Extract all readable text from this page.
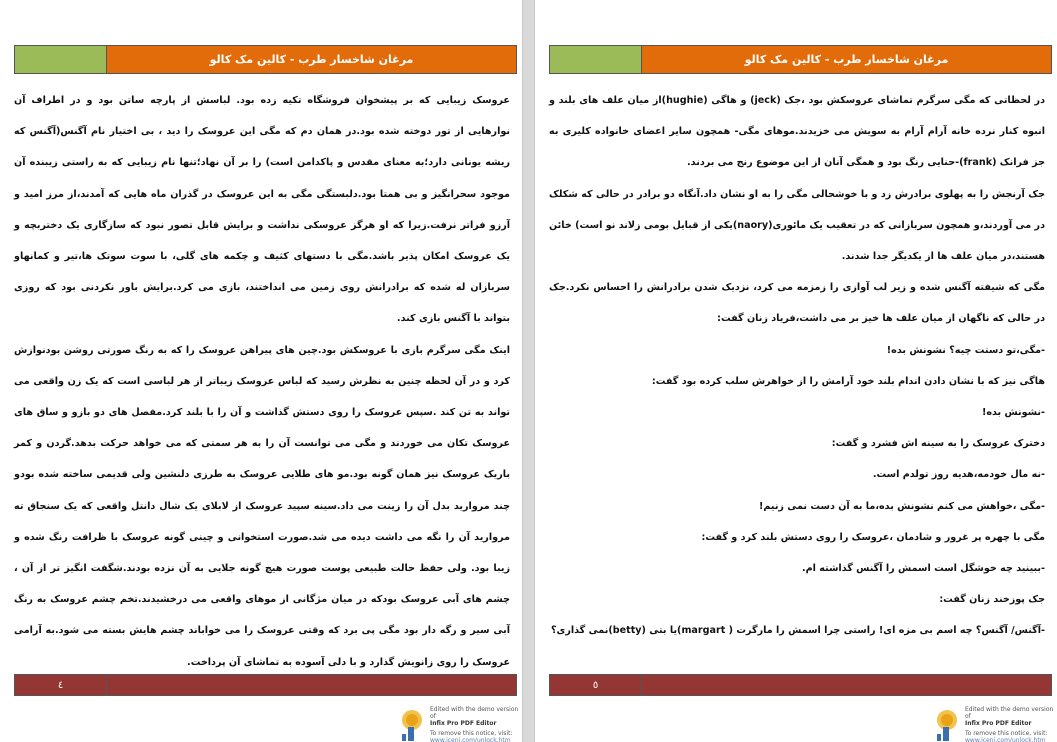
مرغان شاخسار طرب - کالین مک کالو

عروسک زیبایی که بر پیشخوان فروشگاه تکیه زده بود. لباسش از پارچه ساتن بود و در اطراف آن نوارهایی از تور دوخته شده بود.در همان دم که مگی این عروسک را دید ، بی اختیار نام آگنس(آگنس که ریشه یونانی دارد؛به معنای مقدس و پاکدامن است) را بر آن نهاد؛تنها نام زیبایی که به راستی زیبنده آن موجود سحرانگیز و بی همتا بود.دلبستگی مگی به این عروسک در گذران ماه هایی که آمدند،از مرز امید و آرزو فراتر نرفت.زیرا که او هرگز عروسکی نداشت و برایش قابل تصور نبود که سازگاری یک دختربچه و یک عروسک امکان پذیر باشد.مگی با دستهای کثیف و چکمه های گلی، با سوت سوتک ها،تیر و کمانهاو سربازان له شده که برادرانش روی زمین می انداختند، بازی می کرد.برایش باور نکردنی بود که روزی بتواند با آگنس بازی کند.

اینک مگی سرگرم بازی با عروسکش بود.چین های پیراهن عروسک را که به رنگ صورتی روشن بودنوازش کرد و در آن لحظه چنین به نظرش رسید که لباس عروسک زیباتر از هر لباسی است که یک زن واقعی می تواند به تن کند .سپس عروسک را روی دستش گذاشت و آن را با بلند کرد.مفصل های دو بازو و ساق های عروسک تکان می خوردند و مگی می توانست آن را به هر سمتی که می خواهد حرکت بدهد.گردن و کمر باریک عروسک نیز همان گونه بود.مو های طلایی عروسک به طرزی دلنشین ولی قدیمی ساخته شده بودو چند مروارید بدل آن را زینت می داد.سینه سپید عروسک از لابلای یک شال دانتل واقعی که یک سنجاق ته مروارید آن را نگه می داشت دیده می شد.صورت استخوانی و چینی گونه عروسک با ظرافت رنگ شده و زیبا بود. ولی حفظ حالت طبیعی پوست صورت هیچ گونه جلایی به آن نزده بودند.شگفت انگیز تر از آن ، چشم های آبی عروسک بودکه در میان مژگانی از موهای واقعی می درخشیدند.تخم چشم عروسک به رنگ آبی سیر و رگه دار بود مگی پی برد که وقتی عروسک را می خواباند چشم هایش بسته می شود.به آرامی عروسک را روی زانویش گذارد و با دلی آسوده به تماشای آن پرداخت.

٤
Edited with the demo version of
Infix Pro PDF Editor
To remove this notice, visit:
www.iceni.com/unlock.htm
مرغان شاخسار طرب - کالین مک کالو

در لحظاتی که مگی سرگرم تماشای عروسکش بود ،جک (jeck) و هاگی (hughie)از میان علف های بلند و انبوه کنار نرده خانه آرام آرام به سویش می خزیدند.موهای مگی- همچون سایر اعضای خانواده کلیری به جز فرانک (frank)-حنایی رنگ بود و همگی آنان از این موضوع رنج می بردند.

جک آرنجش را به پهلوی برادرش زد و با خوشحالی مگی را به او نشان داد.آنگاه دو برادر در حالی که شکلک در می آوردند،و همچون سربازانی که در تعقیب یک مائوری(naory)یکی از قبایل بومی زلاند نو است) خائن هستند،در میان علف ها از یکدیگر جدا شدند.

مگی که شیفته آگنس شده و زیر لب آوازی را زمزمه می کرد، نزدیک شدن برادرانش را احساس نکرد.جک در حالی که ناگهان از میان علف ها خیز بر می داشت،فریاد زنان گفت:

-مگی،تو دستت چیه؟ نشونش بده!

هاگی نیز که با نشان دادن اندام بلند خود آرامش را از خواهرش سلب کرده بود گفت:

-نشونش بده!

دخترک عروسک را به سینه اش فشرد و گفت:

-نه مال خودمه،هدیه روز تولدم است.

-مگی ،خواهش می کنم نشونش بده،ما به آن دست نمی زنیم!

مگی با چهره پر غرور و شادمان ،عروسک را روی دستش بلند کرد و گفت:

-ببینید چه خوشگل است اسمش را آگنس گذاشته ام.

جک پوزخند زنان گفت:

-آگنس/ آگنس؟ چه اسم بی مزه ای! راستی چرا اسمش را مارگرت ( margart)یا بتی (betty)نمی گذاری؟

٥
Edited with the demo version of
Infix Pro PDF Editor
To remove this notice, visit:
www.iceni.com/unlock.htm
